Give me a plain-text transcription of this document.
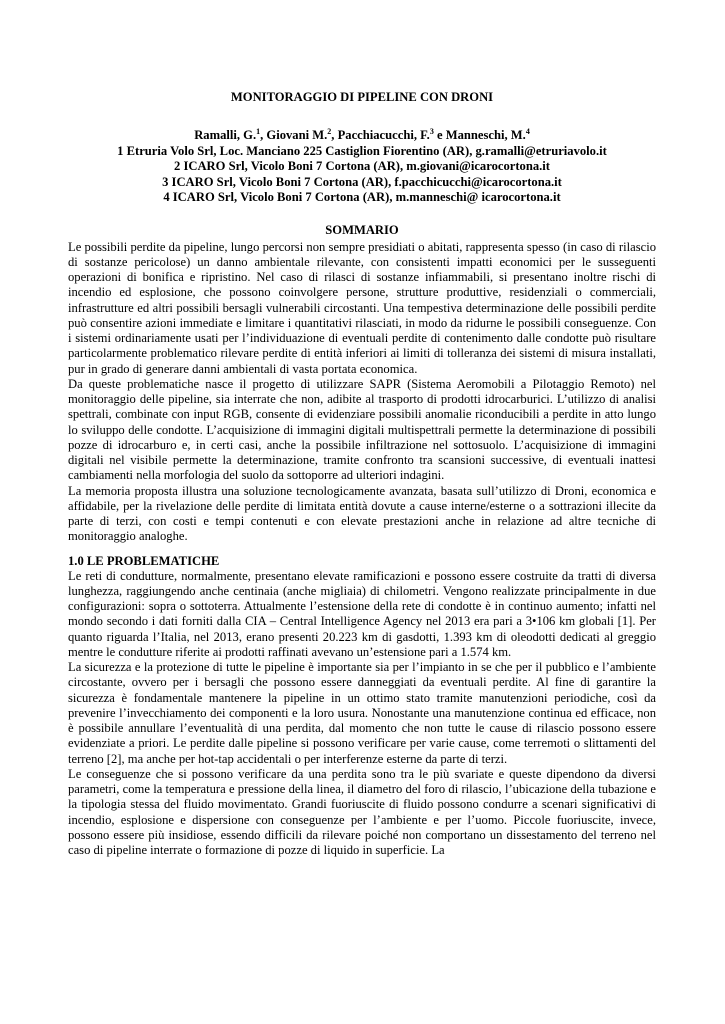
MONITORAGGIO DI PIPELINE CON DRONI
Ramalli, G.$^1$, Giovani M.$^2$, Pacchiacucchi, F.$^3$ e Manneschi, M.$^4$
1 Etruria Volo Srl, Loc. Manciano 225 Castiglion Fiorentino (AR), g.ramalli@etruriavolo.it
2 ICARO Srl, Vicolo Boni 7 Cortona (AR), m.giovani@icarocortona.it
3 ICARO Srl, Vicolo Boni 7 Cortona (AR), f.pacchicucchi@icarocortona.it
4 ICARO Srl, Vicolo Boni 7 Cortona (AR), m.manneschi@ icarocortona.it
SOMMARIO

Le possibili perdite da pipeline, lungo percorsi non sempre presidiati o abitati, rappresenta spesso (in caso di rilascio di sostanze pericolose) un danno ambientale rilevante, con consistenti impatti economici per le susseguenti operazioni di bonifica e ripristino. Nel caso di rilasci di sostanze infiammabili, si presentano inoltre rischi di incendio ed esplosione, che possono coinvolgere persone, strutture produttive, residenziali o commerciali, infrastrutture ed altri possibili bersagli vulnerabili circostanti. Una tempestiva determinazione delle possibili perdite può consentire azioni immediate e limitare i quantitativi rilasciati, in modo da ridurne le possibili conseguenze. Con i sistemi ordinariamente usati per l’individuazione di eventuali perdite di contenimento dalle condotte può risultare particolarmente problematico rilevare perdite di entità inferiori ai limiti di tolleranza dei sistemi di misura installati, pur in grado di generare danni ambientali di vasta portata economica.

Da queste problematiche nasce il progetto di utilizzare SAPR (Sistema Aeromobili a Pilotaggio Remoto) nel monitoraggio delle pipeline, sia interrate che non, adibite al trasporto di prodotti idrocarburici. L’utilizzo di analisi spettrali, combinate con input RGB, consente di evidenziare possibili anomalie riconducibili a perdite in atto lungo lo sviluppo delle condotte. L’acquisizione di immagini digitali multispettrali permette la determinazione di possibili pozze di idrocarburo e, in certi casi, anche la possibile infiltrazione nel sottosuolo. L’acquisizione di immagini digitali nel visibile permette la determinazione, tramite confronto tra scansioni successive, di eventuali inattesi cambiamenti nella morfologia del suolo da sottoporre ad ulteriori indagini.

La memoria proposta illustra una soluzione tecnologicamente avanzata, basata sull’utilizzo di Droni, economica e affidabile, per la rivelazione delle perdite di limitata entità dovute a cause interne/esterne o a sottrazioni illecite da parte di terzi, con costi e tempi contenuti e con elevate prestazioni anche in relazione ad altre tecniche di monitoraggio analoghe.

1.0 LE PROBLEMATICHE

Le reti di condutture, normalmente, presentano elevate ramificazioni e possono essere costruite da tratti di diversa lunghezza, raggiungendo anche centinaia (anche migliaia) di chilometri. Vengono realizzate principalmente in due configurazioni: sopra o sottoterra. Attualmente l’estensione della rete di condotte è in continuo aumento; infatti nel mondo secondo i dati forniti dalla CIA – Central Intelligence Agency nel 2013 era pari a 3•106 km globali [1]. Per quanto riguarda l’Italia, nel 2013, erano presenti 20.223 km di gasdotti, 1.393 km di oleodotti dedicati al greggio mentre le condutture riferite ai prodotti raffinati avevano un’estensione pari a 1.574 km.

La sicurezza e la protezione di tutte le pipeline è importante sia per l’impianto in se che per il pubblico e l’ambiente circostante, ovvero per i bersagli che possono essere danneggiati da eventuali perdite. Al fine di garantire la sicurezza è fondamentale mantenere la pipeline in un ottimo stato tramite manutenzioni periodiche, così da prevenire l’invecchiamento dei componenti e la loro usura. Nonostante una manutenzione continua ed efficace, non è possibile annullare l’eventualità di una perdita, dal momento che non tutte le cause di rilascio possono essere evidenziate a priori. Le perdite dalle pipeline si possono verificare per varie cause, come terremoti o slittamenti del terreno [2], ma anche per hot-tap accidentali o per interferenze esterne da parte di terzi.

Le conseguenze che si possono verificare da una perdita sono tra le più svariate e queste dipendono da diversi parametri, come la temperatura e pressione della linea, il diametro del foro di rilascio, l’ubicazione della tubazione e la tipologia stessa del fluido movimentato. Grandi fuoriuscite di fluido possono condurre a scenari significativi di incendio, esplosione e dispersione con conseguenze per l’ambiente e per l’uomo. Piccole fuoriuscite, invece, possono essere più insidiose, essendo difficili da rilevare poiché non comportano un dissestamento del terreno nel caso di pipeline interrate o formazione di pozze di liquido in superficie. La
